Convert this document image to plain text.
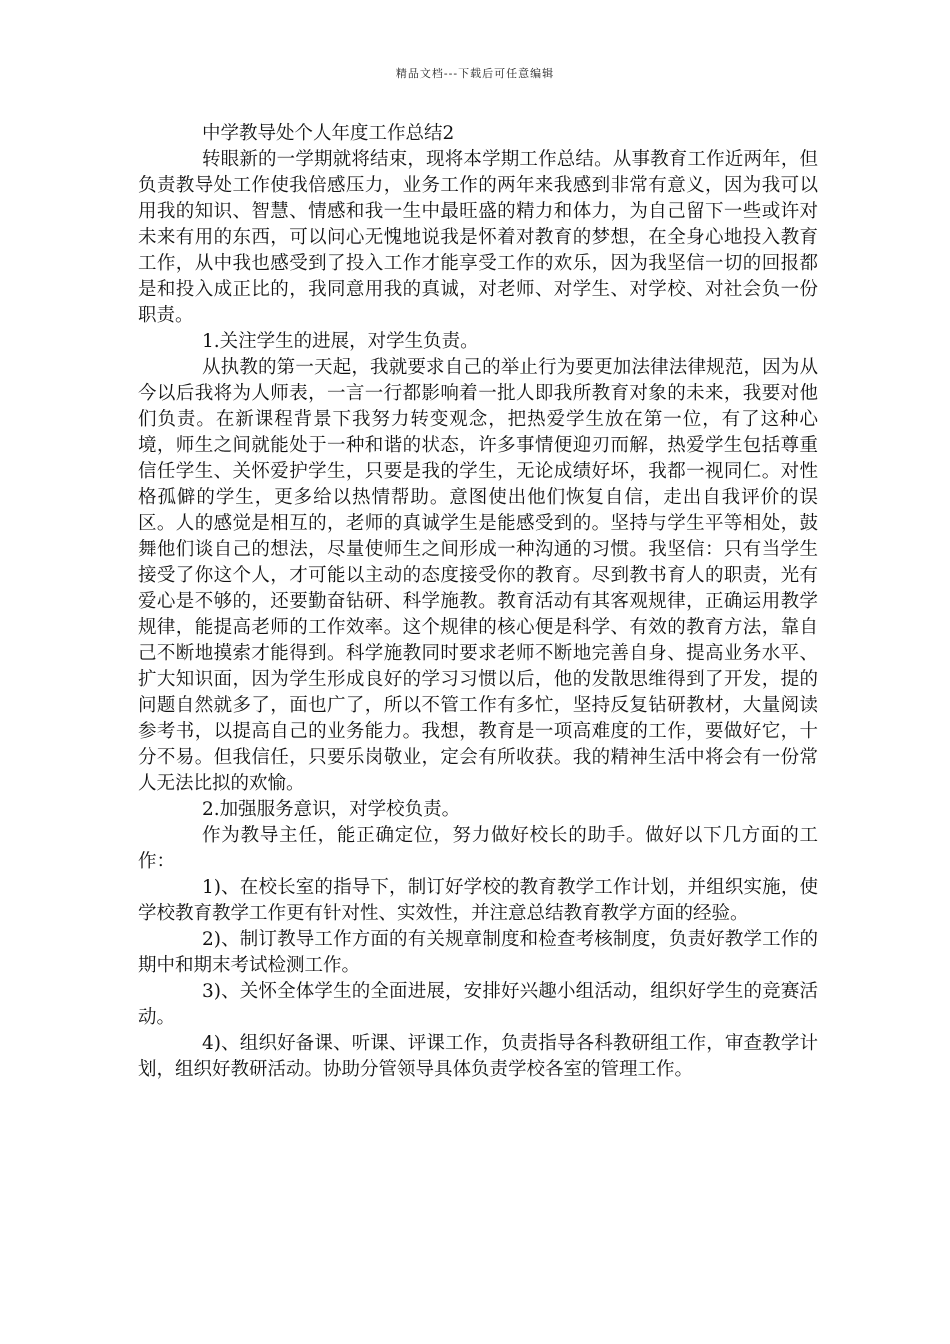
精品文档---下载后可任意编辑
中学教导处个人年度工作总结2

转眼新的一学期就将结束，现将本学期工作总结。从事教育工作近两年，但负责教导处工作使我倍感压力，业务工作的两年来我感到非常有意义，因为我可以用我的知识、智慧、情感和我一生中最旺盛的精力和体力，为自己留下一些或许对未来有用的东西，可以问心无愧地说我是怀着对教育的梦想，在全身心地投入教育工作，从中我也感受到了投入工作才能享受工作的欢乐，因为我坚信一切的回报都是和投入成正比的，我同意用我的真诚，对老师、对学生、对学校、对社会负一份职责。

1.关注学生的进展，对学生负责。

从执教的第一天起，我就要求自己的举止行为要更加法律法律规范，因为从今以后我将为人师表，一言一行都影响着一批人即我所教育对象的未来，我要对他们负责。在新课程背景下我努力转变观念，把热爱学生放在第一位，有了这种心境，师生之间就能处于一种和谐的状态，许多事情便迎刃而解，热爱学生包括尊重信任学生、关怀爱护学生，只要是我的学生，无论成绩好坏，我都一视同仁。对性格孤僻的学生，更多给以热情帮助。意图使出他们恢复自信，走出自我评价的误区。人的感觉是相互的，老师的真诚学生是能感受到的。坚持与学生平等相处，鼓舞他们谈自己的想法，尽量使师生之间形成一种沟通的习惯。我坚信：只有当学生接受了你这个人，才可能以主动的态度接受你的教育。尽到教书育人的职责，光有爱心是不够的，还要勤奋钻研、科学施教。教育活动有其客观规律，正确运用教学规律，能提高老师的工作效率。这个规律的核心便是科学、有效的教育方法，靠自己不断地摸索才能得到。科学施教同时要求老师不断地完善自身、提高业务水平、扩大知识面，因为学生形成良好的学习习惯以后，他的发散思维得到了开发，提的问题自然就多了，面也广了，所以不管工作有多忙，坚持反复钻研教材，大量阅读参考书，以提高自己的业务能力。我想，教育是一项高难度的工作，要做好它，十分不易。但我信任，只要乐岗敬业，定会有所收获。我的精神生活中将会有一份常人无法比拟的欢愉。

2.加强服务意识，对学校负责。

作为教导主任，能正确定位，努力做好校长的助手。做好以下几方面的工作：

1)、在校长室的指导下，制订好学校的教育教学工作计划，并组织实施，使学校教育教学工作更有针对性、实效性，并注意总结教育教学方面的经验。

2)、制订教导工作方面的有关规章制度和检查考核制度，负责好教学工作的期中和期末考试检测工作。

3)、关怀全体学生的全面进展，安排好兴趣小组活动，组织好学生的竞赛活动。

4)、组织好备课、听课、评课工作，负责指导各科教研组工作，审查教学计划，组织好教研活动。协助分管领导具体负责学校各室的管理工作。
